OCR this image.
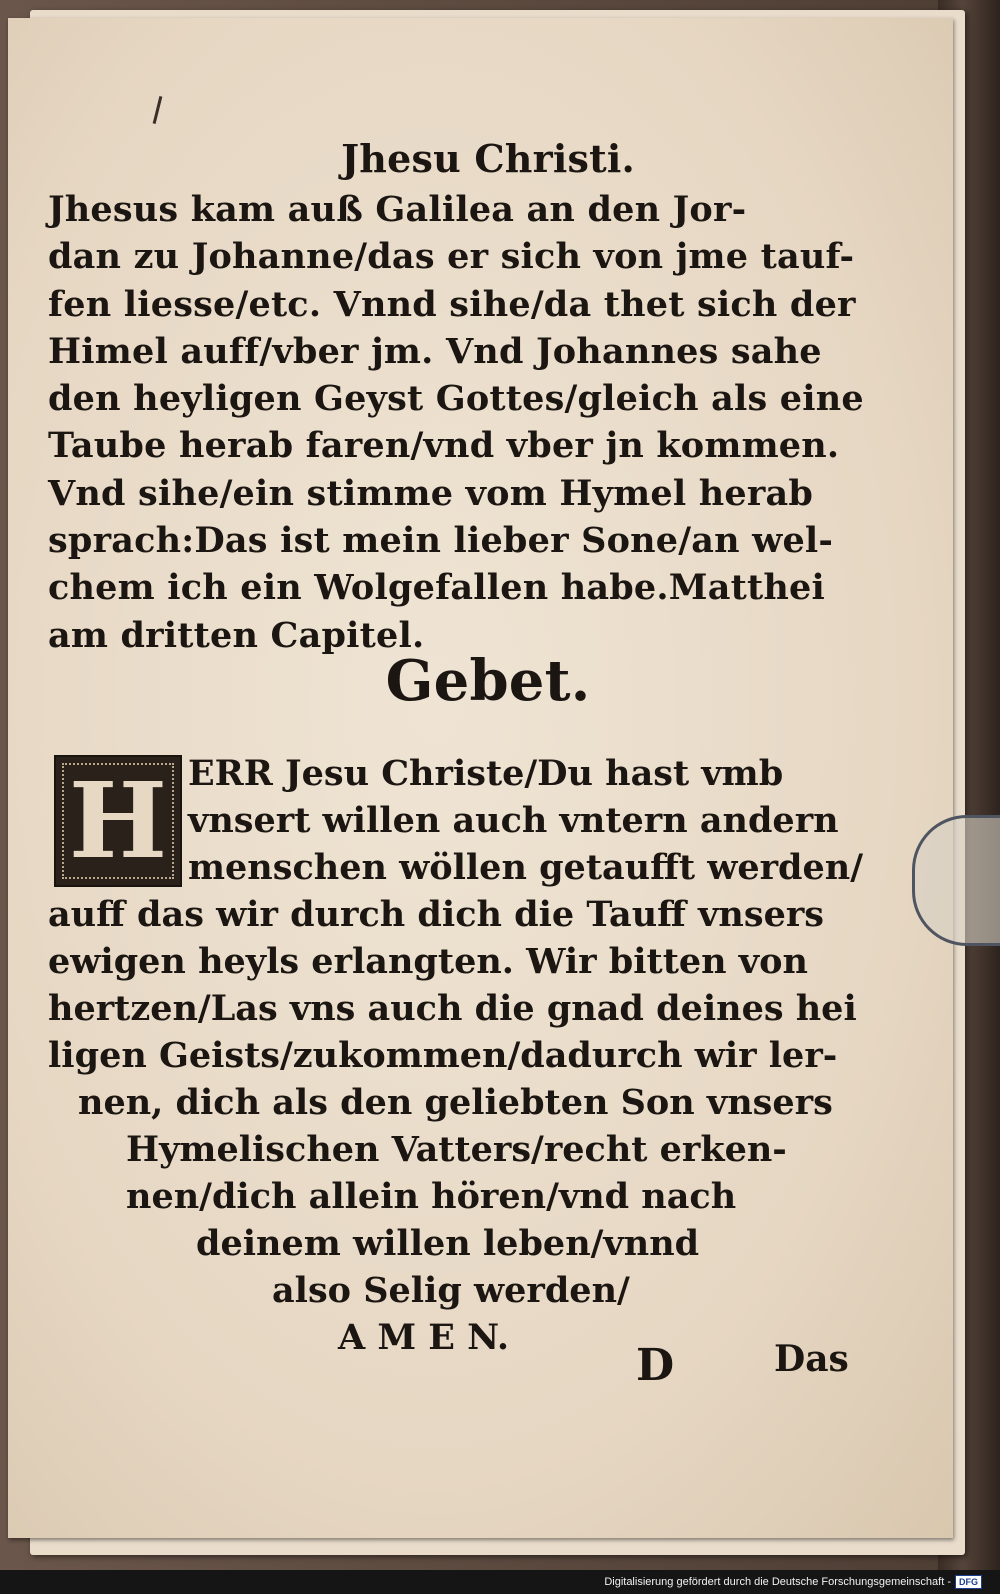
Jhesu Christi.
Jhesus kam auß Galilea an den Jor-
dan zu Johanne/das er sich von jme tauf-
fen liesse/etc. Vnnd sihe/da thet sich der
Himel auff/vber jm. Vnd Johannes sahe
den heyligen Geyst Gottes/gleich als eine
Taube herab faren/vnd vber jn kommen.
Vnd sihe/ein stimme vom Hymel herab
sprach:Das ist mein lieber Sone/an wel-
chem ich ein Wolgefallen habe.Matthei
am dritten Capitel.
Gebet.
H ERR Jesu Christe/Du hast vmb
vnsert willen auch vntern andern
menschen wöllen getaufft werden/
auff das wir durch dich die Tauff vnsers
ewigen heyls erlangten. Wir bitten von
hertzen/Las vns auch die gnad deines hei
ligen Geists/zukommen/dadurch wir ler-
nen, dich als den geliebten Son vnsers
Hymelischen Vatters/recht erken-
nen/dich allein hören/vnd nach
deinem willen leben/vnnd
also Selig werden/
A M E N.
D	Das
Digitalisierung gefördert durch die Deutsche Forschungsgemeinschaft - DFG
